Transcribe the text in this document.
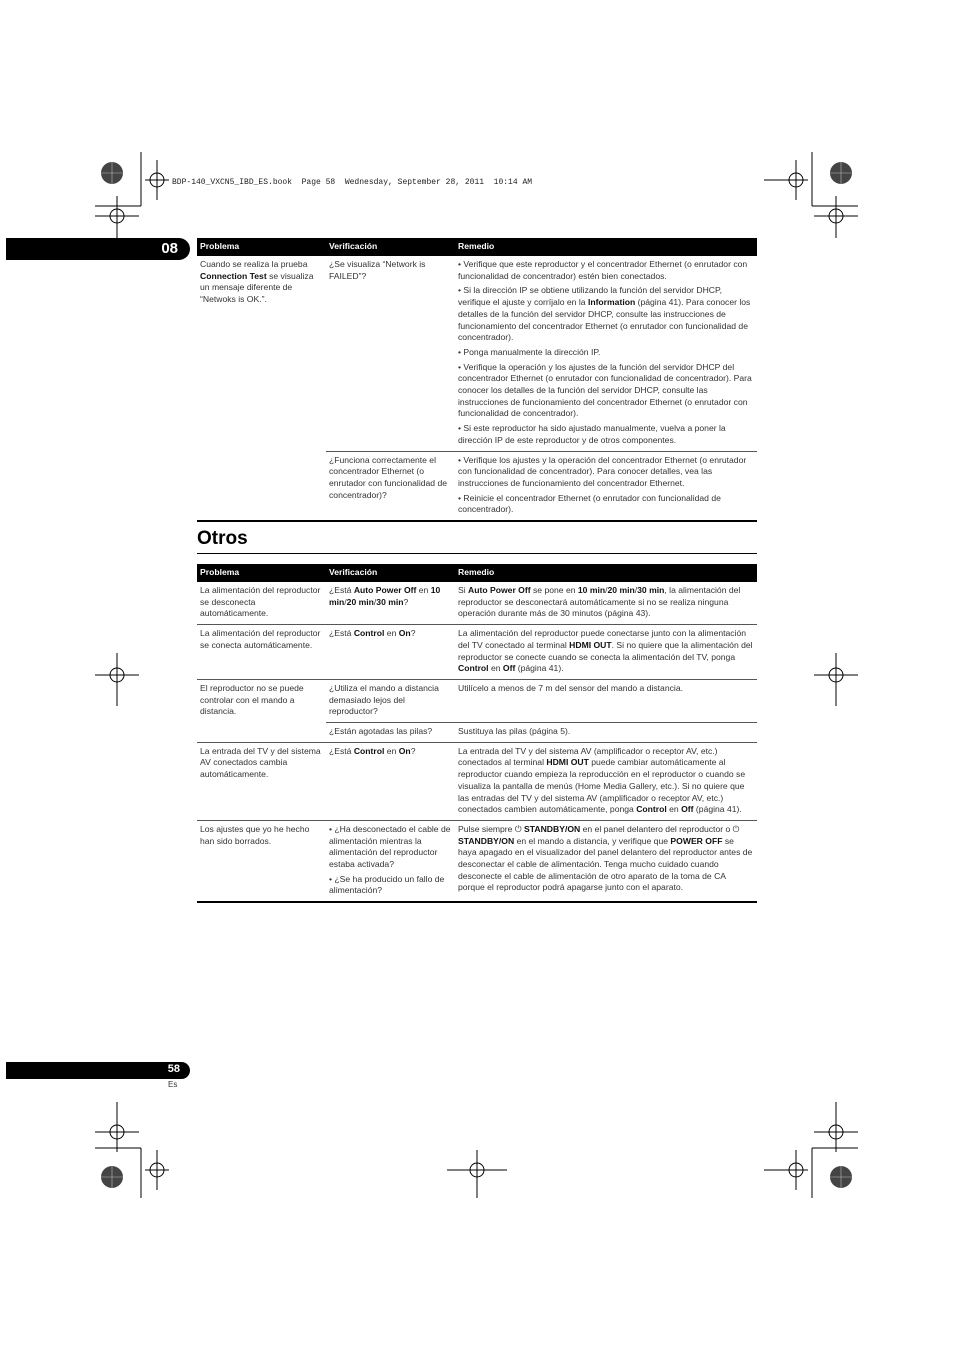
BDP-140_VXCN5_IBD_ES.book  Page 58  Wednesday, September 28, 2011  10:14 AM
08	Problema	Verificación	Remedio
Cuando se realiza la prueba Connection Test se visualiza un mensaje diferente de “Netwoks is OK.”.	¿Se visualiza “Network is FAILED”?	• Verifique que este reproductor y el concentrador Ethernet (o enrutador con funcionalidad de concentrador) estén bien conectados.
• Si la dirección IP se obtiene utilizando la función del servidor DHCP, verifique el ajuste y corríjalo en la Information (página 41). Para conocer los detalles de la función del servidor DHCP, consulte las instrucciones de funcionamiento del concentrador Ethernet (o enrutador con funcionalidad de concentrador).
• Ponga manualmente la dirección IP.
• Verifique la operación y los ajustes de la función del servidor DHCP del concentrador Ethernet (o enrutador con funcionalidad de concentrador). Para conocer los detalles de la función del servidor DHCP, consulte las instrucciones de funcionamiento del concentrador Ethernet (o enrutador con funcionalidad de concentrador).
• Si este reproductor ha sido ajustado manualmente, vuelva a poner la dirección IP de este reproductor y de otros componentes.

	¿Funciona correctamente el concentrador Ethernet (o enrutador con funcionalidad de concentrador)?	• Verifique los ajustes y la operación del concentrador Ethernet (o enrutador con funcionalidad de concentrador). Para conocer detalles, vea las instrucciones de funcionamiento del concentrador Ethernet.
• Reinicie el concentrador Ethernet (o enrutador con funcionalidad de concentrador).
Otros
Problema	Verificación	Remedio
La alimentación del reproductor se desconecta automáticamente.	¿Está Auto Power Off en 10 min/20 min/30 min?	Si Auto Power Off se pone en 10 min/20 min/30 min, la alimentación del reproductor se desconectará automáticamente si no se realiza ninguna operación durante más de 30 minutos (página 43).
La alimentación del reproductor se conecta automáticamente.	¿Está Control en On?	La alimentación del reproductor puede conectarse junto con la alimentación del TV conectado al terminal HDMI OUT. Si no quiere que la alimentación del reproductor se conecte cuando se conecta la alimentación del TV, ponga Control en Off (página 41).
El reproductor no se puede controlar con el mando a distancia.	¿Utiliza el mando a distancia demasiado lejos del reproductor?	Utilícelo a menos de 7 m del sensor del mando a distancia.
	¿Están agotadas las pilas?	Sustituya las pilas (página 5).
La entrada del TV y del sistema AV conectados cambia automáticamente.	¿Está Control en On?	La entrada del TV y del sistema AV (amplificador o receptor AV, etc.) conectados al terminal HDMI OUT puede cambiar automáticamente al reproductor cuando empieza la reproducción en el reproductor o cuando se visualiza la pantalla de menús (Home Media Gallery, etc.). Si no quiere que las entradas del TV y del sistema AV (amplificador o receptor AV, etc.) conectados cambien automáticamente, ponga Control en Off (página 41).
Los ajustes que yo he hecho han sido borrados.	• ¿Ha desconectado el cable de alimentación mientras la alimentación del reproductor estaba activada?
• ¿Se ha producido un fallo de alimentación?	Pulse siempre ⏻ STANDBY/ON en el panel delantero del reproductor o ⏻ STANDBY/ON en el mando a distancia, y verifique que POWER OFF se haya apagado en el visualizador del panel delantero del reproductor antes de desconectar el cable de alimentación. Tenga mucho cuidado cuando desconecte el cable de alimentación de otro aparato de la toma de CA porque el reproductor podrá apagarse junto con el aparato.
58
Es
